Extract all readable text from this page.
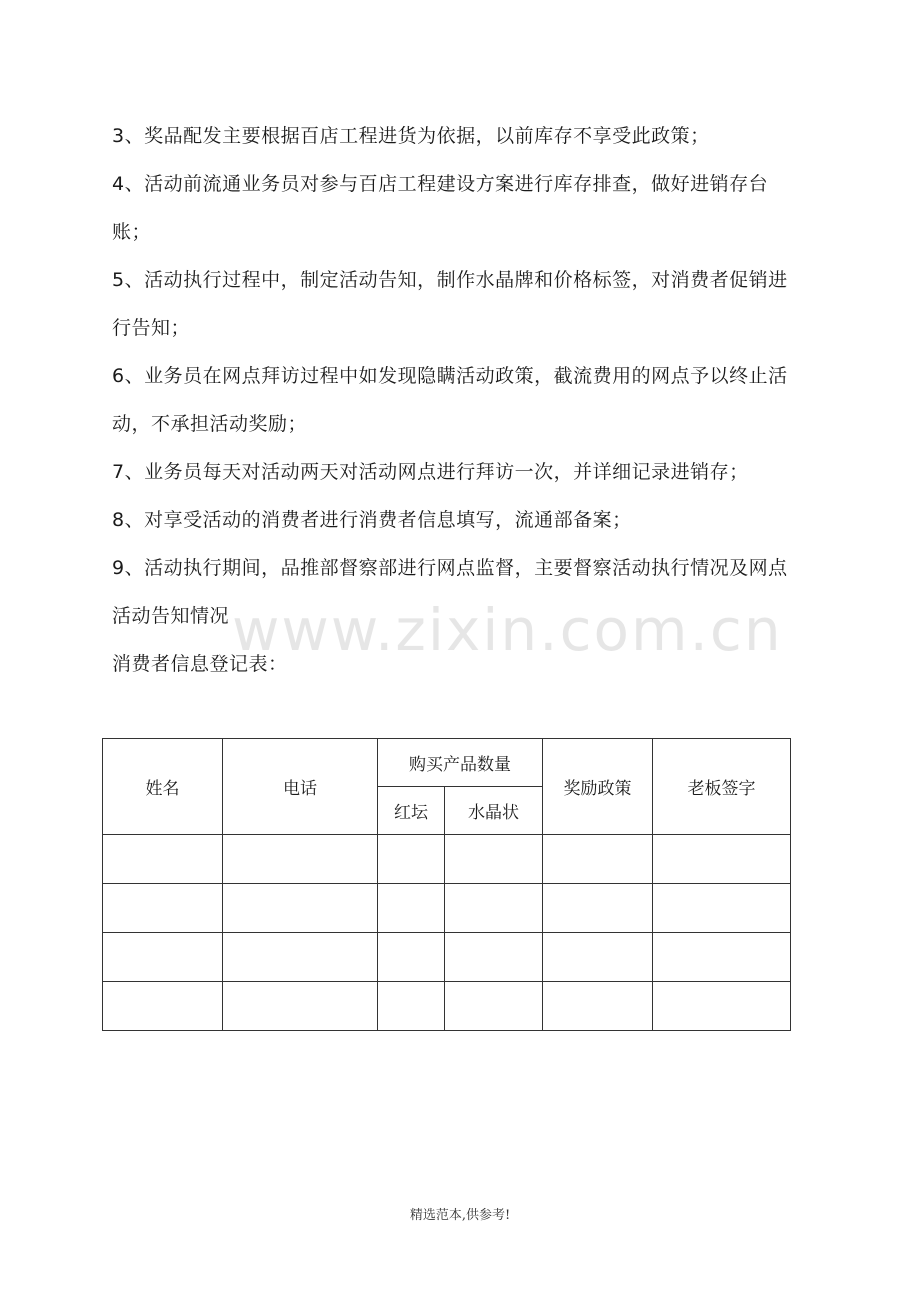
3、奖品配发主要根据百店工程进货为依据，以前库存不享受此政策；

4、活动前流通业务员对参与百店工程建设方案进行库存排查，做好进销存台账；

5、活动执行过程中，制定活动告知，制作水晶牌和价格标签，对消费者促销进行告知；

6、业务员在网点拜访过程中如发现隐瞒活动政策，截流费用的网点予以终止活动，不承担活动奖励；

7、业务员每天对活动两天对活动网点进行拜访一次，并详细记录进销存；

8、对享受活动的消费者进行消费者信息填写，流通部备案；

9、活动执行期间，品推部督察部进行网点监督，主要督察活动执行情况及网点活动告知情况

消费者信息登记表：

www.zixin.com.cn
姓名	电话	购买产品数量		奖励政策	老板签字
		红坛	水晶状		

精选范本,供参考!
